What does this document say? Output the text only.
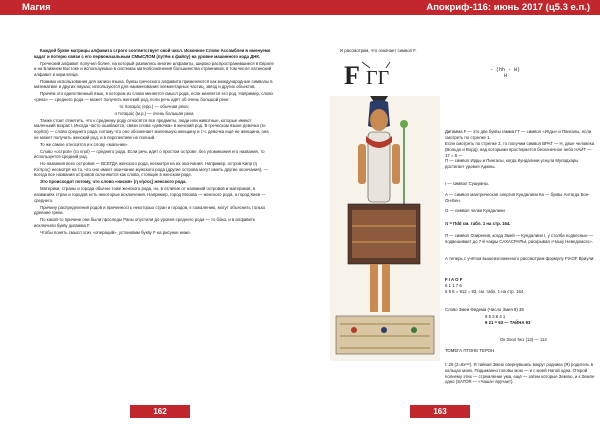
Магия

Каждой букве матрицы алфавита строго соответствует свой числ. Исконное Слово Ассамблеи в именуемо кадат и потерю связи с его первоначальным СМЫСЛОМ (путём к файлу) на уровне машинного кода ДНК.

Греческий алфавит получил более, на который развились многие алфавиты, широко распространившиеся в Европе и на Ближнем Востоке и используемые в системах матнобозначения большинства странников, в том числе латинский алфавит и кириллица.

Помимо использования для записи языка, буквы греческого алфавита применяются как международные символы в математике и других науках; используются для наименования элементарных частиц, звёзд и других объектов.

Причём это единственный язык, в котором из слова меняется смысл рода, если меняется его род. Например, слово «река» — среднего рода — может получить женский род, если речь идёт об очень большой реке:

то ποταμός (ерр.) — обычная река;

ο ποταμός (м.р.) — очень большая река

Также стоит отметить, что к среднему роду относятся все предметы, люди или животные, которые имеют маленький возраст. Иногда часто ошибаются, связи слова «девочка» в женский род. В греческом языке девочка (το κορίτσι) — слово среднего рода, потому что оно обозначает маленькую женщину и т.ч. девочка ещё не женщина, она не может получить женский род, и в перспективе не полный.

То же самое относится и к слову «мальчик».

Слово «остров» (το νησί) — среднего рода. Если речь идёт о простом острове, без упоминания его названия, то используется средний род.

Но названия всех островов — ВСЕГДА женского рода, несмотря на их окончания. Например, остров Кипр (η Κύπρος) несмотря на то, что оно имеет окончание мужского рода (другие острова могут иметь другие окончания), — всегда все названия островов склоняются как слова, стоящие в женском роде.

Это происходит потому, что слово «нисия» (η νήσος) женского рода.

Материки, страны и города обычно тоже женского рода, но, в отличие от названий островов и материков, в названиях стран и городов есть некоторые исключения. Например, город Москва — женского рода, а город Киев — среднего.

Причину распределения родов и причинность некоторых стран и городов, к сожалению, могут объяснить только древние греки.

По какой-то причине они были проследы Раны опустили до уровня среднего рода — то бόκα, и в алфавите исключили букву дигамма F.

Чтобы понять смысл этих «операций», установим букву F на рисунке ниже.

162
Апокриф-116: июнь 2017 (ц5.3 е.п.)
И рассмотрим, что означает символ F.
F ΓΓ	- (hh - H)
H
Дигамма F — это две буквы гамма ΓΓ — символ «Игды» и Пангалы, если смотреть по стрелке 1.
Если смотреть по стрелке 2, то получим символ ВРАТ — Н, двое человека (Вольдо и Ворд), над которыми простирается бесконечное небо НАЙТ — 17 = 8 —
П — символ Ирды и Пингалы, когда Кундалини уснула Муладхары достигает уровня Аджны.
I — символ Сушумны.
А — символ мантрическая энергия Кундалини Ка — буквы Антагда Бон-Он-Бен.
О — символ челки Кундалини
π = Пdd см. табл. 1 на стр. 164.
П — символ Озирения, когда Змей — Кундалини I, у столба подвесные — подвешивает до 7-й чакры САХАСРАРЫ, раскрывая «Чашу Неведомого».
А теперь с учётом вышеизложенного рассмотрим формулу FIAOF Вриули:
F I A O F
6 1 1 7 6
6 9 6 = 912 = 93, см. табл. 1 на стр. 164.
Слово Змеи Фидема (Число Змея 8) 39
9 5 3 8 4 1
9 21 = 93 — ТАЙНА 93
Ок Зоол №1 (13) — 114
ТОМЕГА ПТОНЕ ТЕРОН
I: 26 (2=6x²²²). Я тайная Змею свернувшись вокруг родника (Я) родитель в кольцах моих. Подыманно головы мою — и с моей Нагой одна. Открой полнему этих — стремление ума, ещё — затем которые Землю, и к Земле одно (SATOR — «Чаша» вручает).
163
